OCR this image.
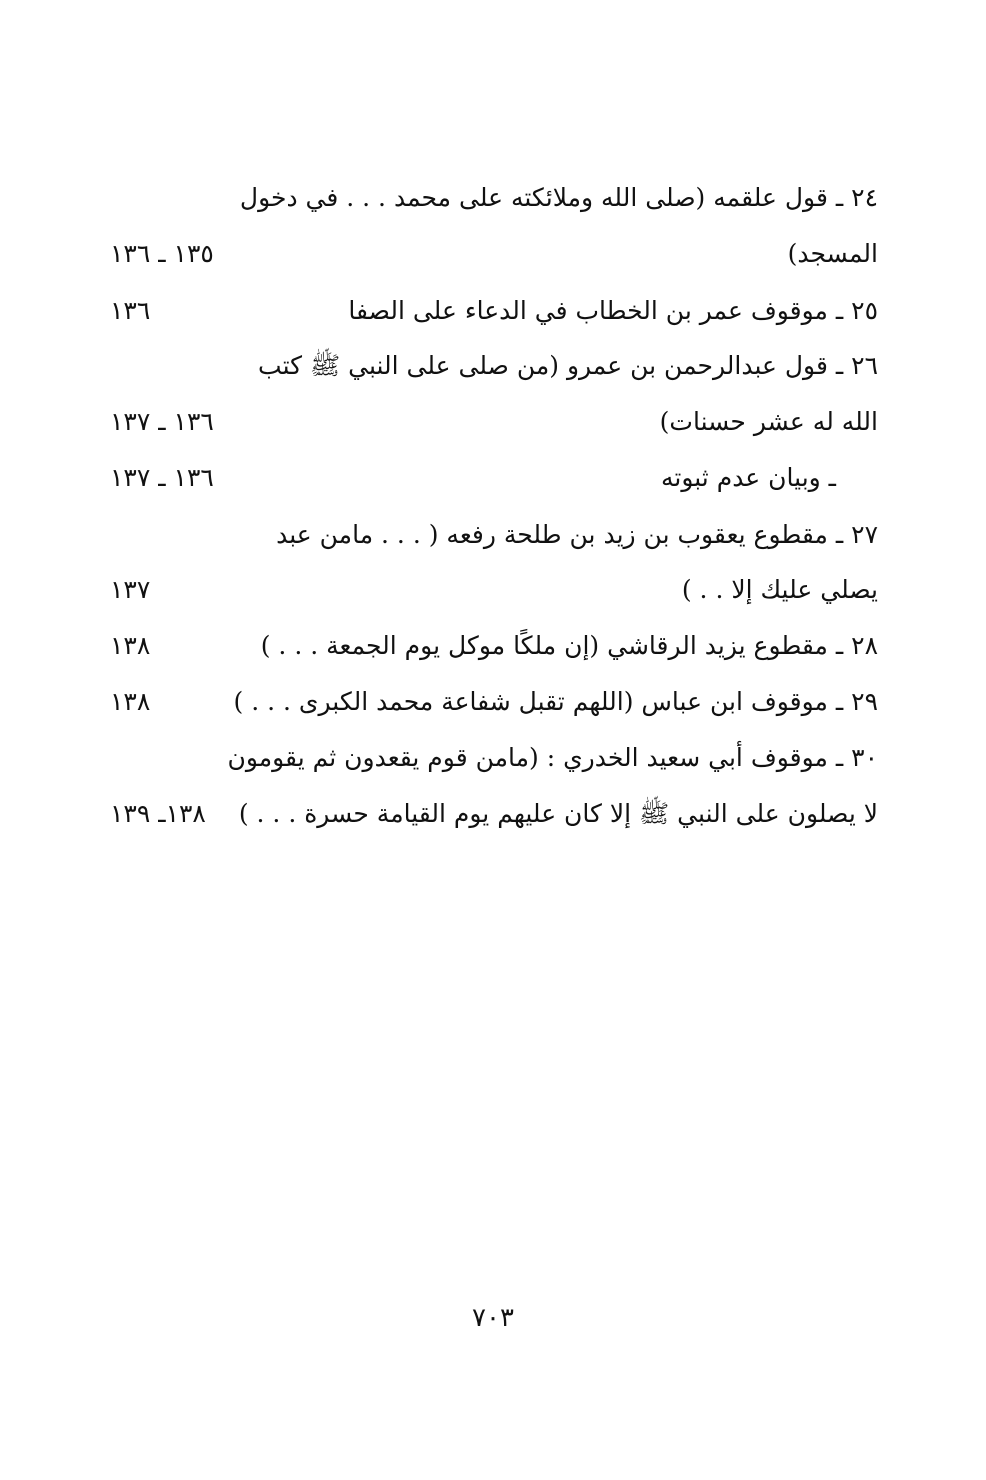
٢٤ ـ قول علقمه (صلى الله وملائكته على محمد . . . في دخول
المسجد)
١٣٥ ـ ١٣٦
٢٥ ـ موقوف عمر بن الخطاب في الدعاء على الصفا
١٣٦
٢٦ ـ قول عبدالرحمن بن عمرو (من صلى على النبي ﷺ كتب
الله له عشر حسنات)
١٣٦ ـ ١٣٧
ـ وبيان عدم ثبوته
١٣٦ ـ ١٣٧
٢٧ ـ مقطوع يعقوب بن زيد بن طلحة رفعه ( . . . مامن عبد
يصلي عليك إلا . . )
١٣٧
٢٨ ـ مقطوع يزيد الرقاشي (إن ملكًا موكل يوم الجمعة . . . )
١٣٨
٢٩ ـ موقوف ابن عباس (اللهم تقبل شفاعة محمد الكبرى . . . )
١٣٨
٣٠ ـ موقوف أبي سعيد الخدري : (مامن قوم يقعدون ثم يقومون
لا يصلون على النبي ﷺ إلا كان عليهم يوم القيامة حسرة . . . )
١٣٨ـ ١٣٩
٧٠٣
